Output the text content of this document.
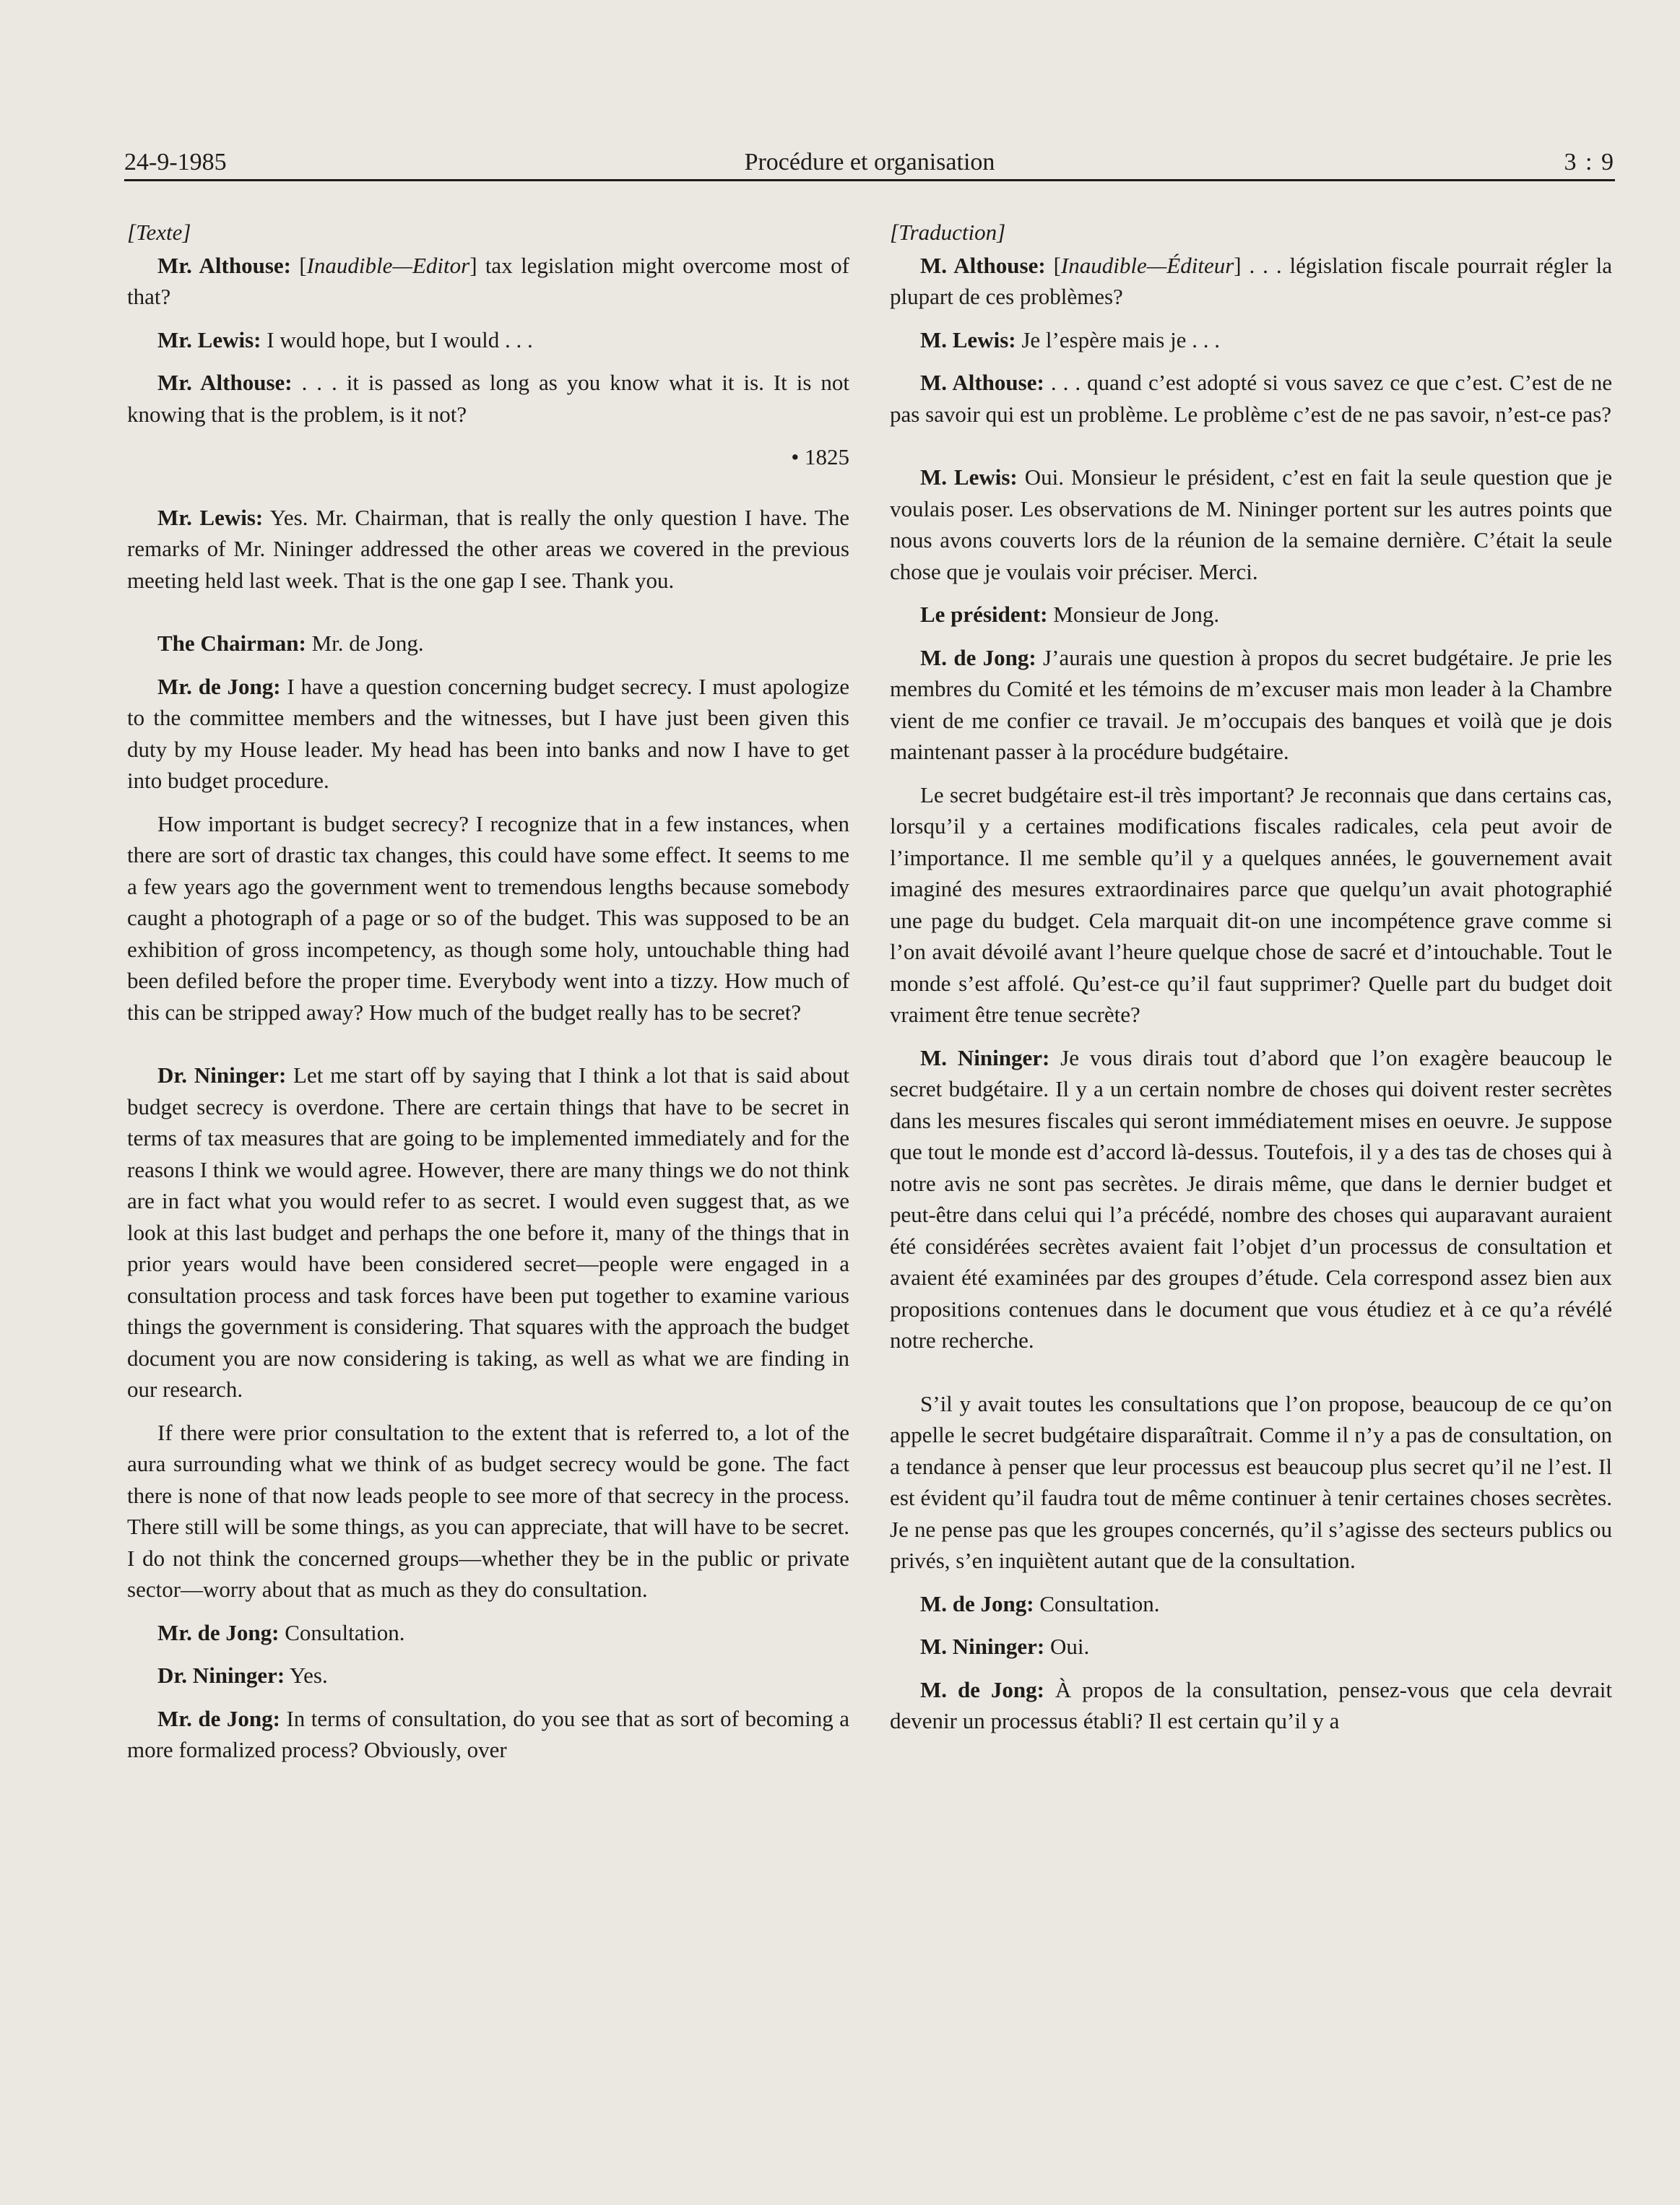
24-9-1985	Procédure et organisation	3 : 9

[Texte]

Mr. Althouse: [Inaudible—Editor] tax legislation might overcome most of that?

Mr. Lewis: I would hope, but I would . . .

Mr. Althouse: . . . it is passed as long as you know what it is. It is not knowing that is the problem, is it not?

• 1825

Mr. Lewis: Yes. Mr. Chairman, that is really the only question I have. The remarks of Mr. Nininger addressed the other areas we covered in the previous meeting held last week. That is the one gap I see. Thank you.

The Chairman: Mr. de Jong.

Mr. de Jong: I have a question concerning budget secrecy. I must apologize to the committee members and the witnesses, but I have just been given this duty by my House leader. My head has been into banks and now I have to get into budget procedure.

How important is budget secrecy? I recognize that in a few instances, when there are sort of drastic tax changes, this could have some effect. It seems to me a few years ago the government went to tremendous lengths because somebody caught a photograph of a page or so of the budget. This was supposed to be an exhibition of gross incompetency, as though some holy, untouchable thing had been defiled before the proper time. Everybody went into a tizzy. How much of this can be stripped away? How much of the budget really has to be secret?

Dr. Nininger: Let me start off by saying that I think a lot that is said about budget secrecy is overdone. There are certain things that have to be secret in terms of tax measures that are going to be implemented immediately and for the reasons I think we would agree. However, there are many things we do not think are in fact what you would refer to as secret. I would even suggest that, as we look at this last budget and perhaps the one before it, many of the things that in prior years would have been considered secret—people were engaged in a consultation process and task forces have been put together to examine various things the government is considering. That squares with the approach the budget document you are now considering is taking, as well as what we are finding in our research.

If there were prior consultation to the extent that is referred to, a lot of the aura surrounding what we think of as budget secrecy would be gone. The fact there is none of that now leads people to see more of that secrecy in the process. There still will be some things, as you can appreciate, that will have to be secret. I do not think the concerned groups—whether they be in the public or private sector—worry about that as much as they do consultation.

Mr. de Jong: Consultation.

Dr. Nininger: Yes.

Mr. de Jong: In terms of consultation, do you see that as sort of becoming a more formalized process? Obviously, over

[Traduction]

M. Althouse: [Inaudible—Éditeur] . . . législation fiscale pourrait régler la plupart de ces problèmes?

M. Lewis: Je l’espère mais je . . .

M. Althouse: . . . quand c’est adopté si vous savez ce que c’est. C’est de ne pas savoir qui est un problème. Le problème c’est de ne pas savoir, n’est-ce pas?

M. Lewis: Oui. Monsieur le président, c’est en fait la seule question que je voulais poser. Les observations de M. Nininger portent sur les autres points que nous avons couverts lors de la réunion de la semaine dernière. C’était la seule chose que je voulais voir préciser. Merci.

Le président: Monsieur de Jong.

M. de Jong: J’aurais une question à propos du secret budgétaire. Je prie les membres du Comité et les témoins de m’excuser mais mon leader à la Chambre vient de me confier ce travail. Je m’occupais des banques et voilà que je dois maintenant passer à la procédure budgétaire.

Le secret budgétaire est-il très important? Je reconnais que dans certains cas, lorsqu’il y a certaines modifications fiscales radicales, cela peut avoir de l’importance. Il me semble qu’il y a quelques années, le gouvernement avait imaginé des mesures extraordinaires parce que quelqu’un avait photographié une page du budget. Cela marquait dit-on une incompétence grave comme si l’on avait dévoilé avant l’heure quelque chose de sacré et d’intouchable. Tout le monde s’est affolé. Qu’est-ce qu’il faut supprimer? Quelle part du budget doit vraiment être tenue secrète?

M. Nininger: Je vous dirais tout d’abord que l’on exagère beaucoup le secret budgétaire. Il y a un certain nombre de choses qui doivent rester secrètes dans les mesures fiscales qui seront immédiatement mises en oeuvre. Je suppose que tout le monde est d’accord là-dessus. Toutefois, il y a des tas de choses qui à notre avis ne sont pas secrètes. Je dirais même, que dans le dernier budget et peut-être dans celui qui l’a précédé, nombre des choses qui auparavant auraient été considérées secrètes avaient fait l’objet d’un processus de consultation et avaient été examinées par des groupes d’étude. Cela correspond assez bien aux propositions contenues dans le document que vous étudiez et à ce qu’a révélé notre recherche.

S’il y avait toutes les consultations que l’on propose, beaucoup de ce qu’on appelle le secret budgétaire disparaîtrait. Comme il n’y a pas de consultation, on a tendance à penser que leur processus est beaucoup plus secret qu’il ne l’est. Il est évident qu’il faudra tout de même continuer à tenir certaines choses secrètes. Je ne pense pas que les groupes concernés, qu’il s’agisse des secteurs publics ou privés, s’en inquiètent autant que de la consultation.

M. de Jong: Consultation.

M. Nininger: Oui.

M. de Jong: À propos de la consultation, pensez-vous que cela devrait devenir un processus établi? Il est certain qu’il y a
